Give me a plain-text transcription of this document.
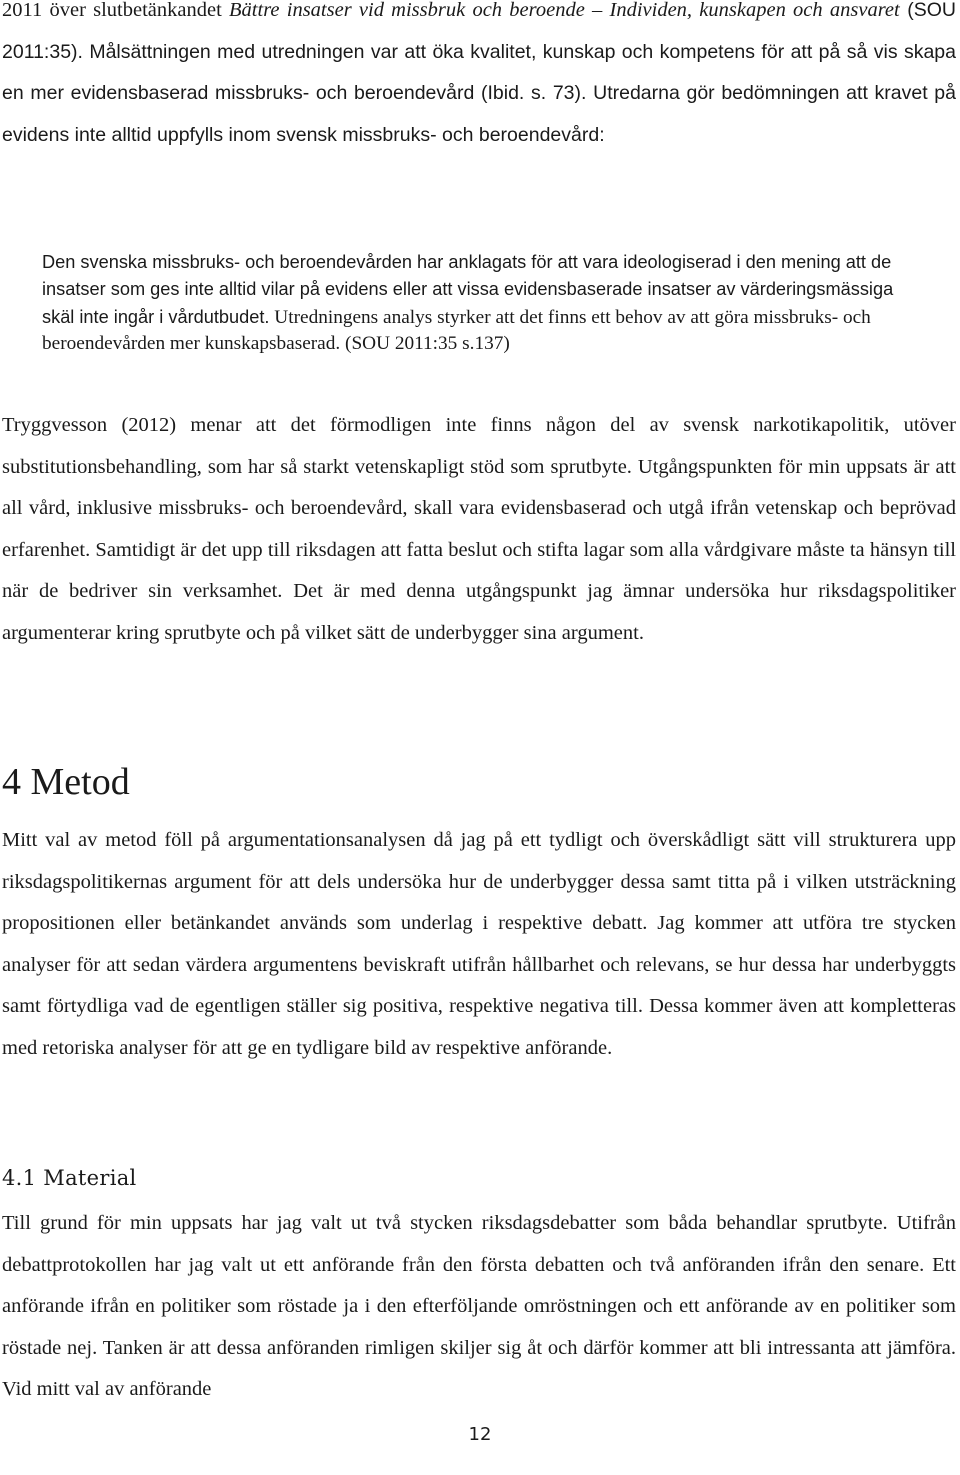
2011 över slutbetänkandet Bättre insatser vid missbruk och beroende – Individen, kunskapen och ansvaret (SOU 2011:35). Målsättningen med utredningen var att öka kvalitet, kunskap och kompetens för att på så vis skapa en mer evidensbaserad missbruks- och beroendevård (Ibid. s. 73). Utredarna gör bedömningen att kravet på evidens inte alltid uppfylls inom svensk missbruks- och beroendevård:

Den svenska missbruks- och beroendevården har anklagats för att vara ideologiserad i den mening att de insatser som ges inte alltid vilar på evidens eller att vissa evidensbaserade insatser av värderingsmässiga skäl inte ingår i vårdutbudet. Utredningens analys styrker att det finns ett behov av att göra missbruks- och beroendevården mer kunskapsbaserad. (SOU 2011:35 s.137)

Tryggvesson (2012) menar att det förmodligen inte finns någon del av svensk narkotikapolitik, utöver substitutionsbehandling, som har så starkt vetenskapligt stöd som sprutbyte. Utgångspunkten för min uppsats är att all vård, inklusive missbruks- och beroendevård, skall vara evidensbaserad och utgå ifrån vetenskap och beprövad erfarenhet. Samtidigt är det upp till riksdagen att fatta beslut och stifta lagar som alla vårdgivare måste ta hänsyn till när de bedriver sin verksamhet. Det är med denna utgångspunkt jag ämnar undersöka hur riksdagspolitiker argumenterar kring sprutbyte och på vilket sätt de underbygger sina argument.

4 Metod

Mitt val av metod föll på argumentationsanalysen då jag på ett tydligt och överskådligt sätt vill strukturera upp riksdagspolitikernas argument för att dels undersöka hur de underbygger dessa samt titta på i vilken utsträckning propositionen eller betänkandet används som underlag i respektive debatt. Jag kommer att utföra tre stycken analyser för att sedan värdera argumentens beviskraft utifrån hållbarhet och relevans, se hur dessa har underbyggts samt förtydliga vad de egentligen ställer sig positiva, respektive negativa till. Dessa kommer även att kompletteras med retoriska analyser för att ge en tydligare bild av respektive anförande.

4.1 Material

Till grund för min uppsats har jag valt ut två stycken riksdagsdebatter som båda behandlar sprutbyte. Utifrån debattprotokollen har jag valt ut ett anförande från den första debatten och två anföranden ifrån den senare. Ett anförande ifrån en politiker som röstade ja i den efterföljande omröstningen och ett anförande av en politiker som röstade nej. Tanken är att dessa anföranden rimligen skiljer sig åt och därför kommer att bli intressanta att jämföra. Vid mitt val av anförande

12
